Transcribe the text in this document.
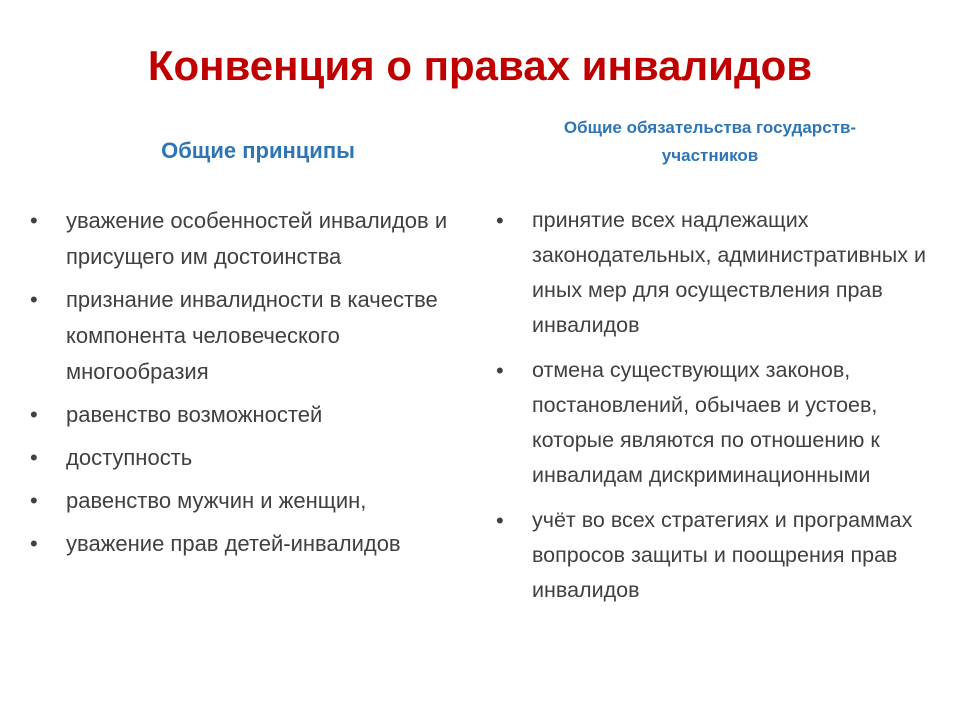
Конвенция о правах инвалидов
Общие принципы
• уважение особенностей инвалидов и присущего им достоинства
• признание инвалидности в качестве компонента человеческого многообразия
• равенство возможностей
• доступность
• равенство мужчин и женщин,
• уважение прав детей-инвалидов
Общие обязательства государств-
участников
• принятие всех надлежащих законодательных, административных и иных мер для осуществления прав инвалидов
• отмена существующих законов, постановлений, обычаев и устоев, которые являются по отношению к инвалидам дискриминационными
• учёт во всех стратегиях и программах вопросов защиты и поощрения прав инвалидов
